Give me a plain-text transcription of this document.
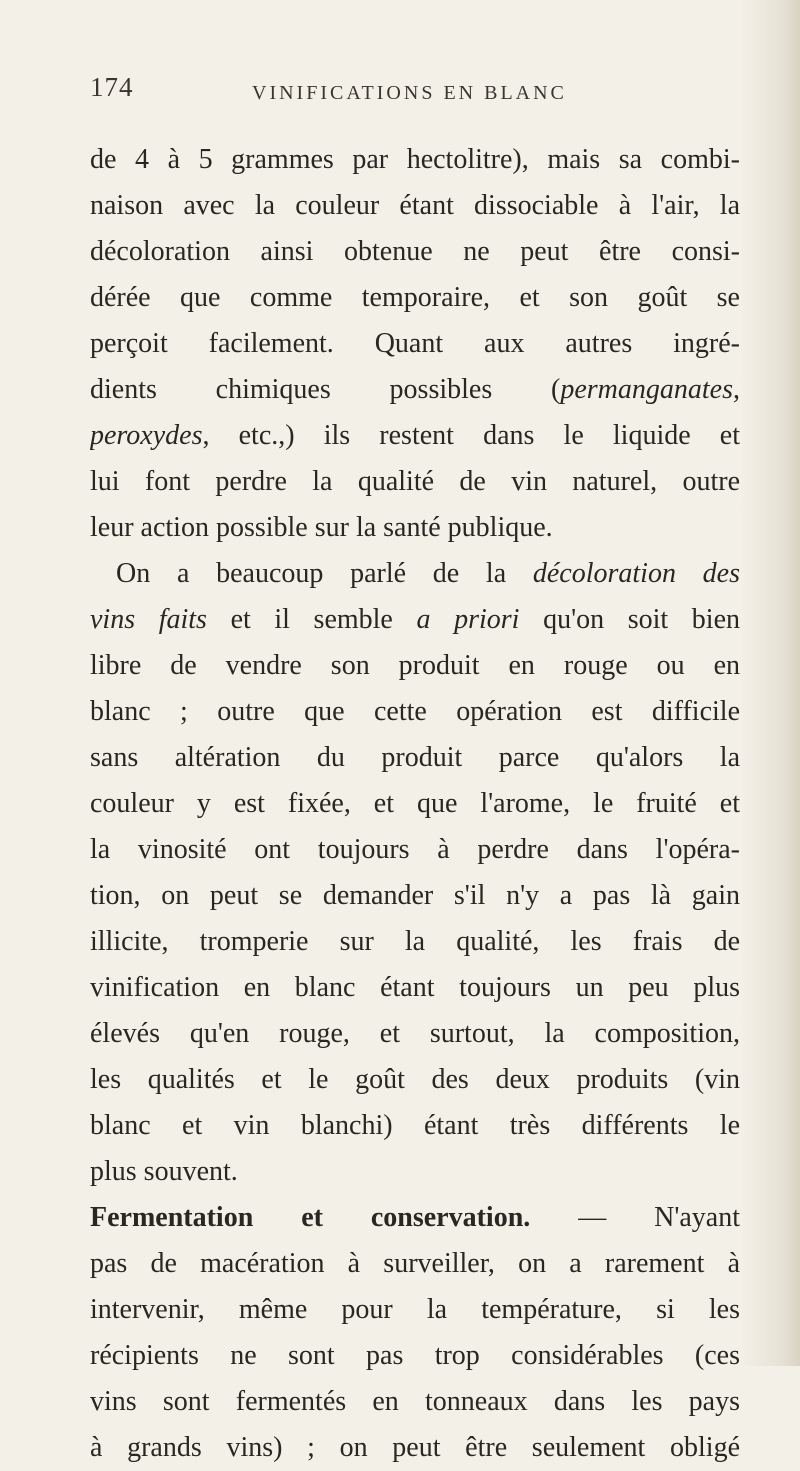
174	VINIFICATIONS EN BLANC
de 4 à 5 grammes par hectolitre), mais sa combi-
naison avec la couleur étant dissociable à l'air, la
décoloration ainsi obtenue ne peut être consi-
dérée que comme temporaire, et son goût se
perçoit facilement. Quant aux autres ingré-
dients chimiques possibles (permanganates,
peroxydes, etc.,) ils restent dans le liquide et
lui font perdre la qualité de vin naturel, outre
leur action possible sur la santé publique.
On a beaucoup parlé de la décoloration des
vins faits et il semble a priori qu'on soit bien
libre de vendre son produit en rouge ou en
blanc ; outre que cette opération est difficile
sans altération du produit parce qu'alors la
couleur y est fixée, et que l'arome, le fruité et
la vinosité ont toujours à perdre dans l'opéra-
tion, on peut se demander s'il n'y a pas là gain
illicite, tromperie sur la qualité, les frais de
vinification en blanc étant toujours un peu plus
élevés qu'en rouge, et surtout, la composition,
les qualités et le goût des deux produits (vin
blanc et vin blanchi) étant très différents le
plus souvent.
Fermentation et conservation. — N'ayant
pas de macération à surveiller, on a rarement à
intervenir, même pour la température, si les
récipients ne sont pas trop considérables (ces
vins sont fermentés en tonneaux dans les pays
à grands vins) ; on peut être seulement obligé
